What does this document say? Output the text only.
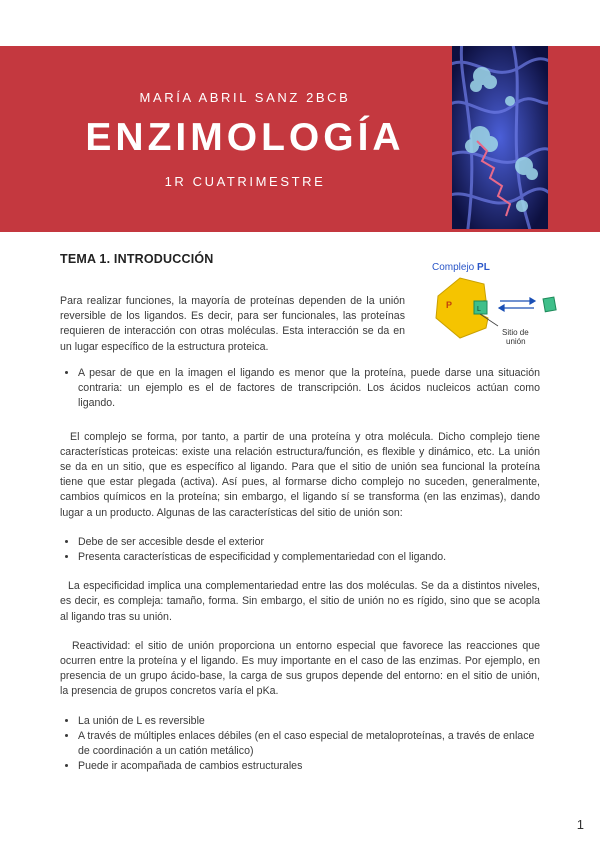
MARÍA ABRIL SANZ 2BCB
ENZIMOLOGÍA
1R CUATRIMESTRE
TEMA 1. INTRODUCCIÓN
Complejo PL
P	L
Sitio de
unión
Para realizar funciones, la mayoría de proteínas dependen de la unión reversible de los ligandos. Es decir, para ser funcionales, las proteínas requieren de interacción con otras moléculas. Esta interacción se da en un lugar específico de la estructura proteica.
• A pesar de que en la imagen el ligando es menor que la proteína, puede darse una situación contraria: un ejemplo es el de factores de transcripción. Los ácidos nucleicos actúan como ligando.

El complejo se forma, por tanto, a partir de una proteína y otra molécula. Dicho complejo tiene características proteicas: existe una relación estructura/función, es flexible y dinámico, etc. La unión se da en un sitio, que es específico al ligando. Para que el sitio de unión sea funcional la proteína tiene que estar plegada (activa). Así pues, al formarse dicho complejo no suceden, generalmente, cambios químicos en la proteína; sin embargo, el ligando sí se transforma (en las enzimas), dando lugar a un producto. Algunas de las características del sitio de unión son:

• Debe de ser accesible desde el exterior
• Presenta características de especificidad y complementariedad con el ligando.

La especificidad implica una complementariedad entre las dos moléculas. Se da a distintos niveles, es decir, es compleja: tamaño, forma. Sin embargo, el sitio de unión no es rígido, sino que se acopla al ligando tras su unión.

Reactividad: el sitio de unión proporciona un entorno especial que favorece las reacciones que ocurren entre la proteína y el ligando. Es muy importante en el caso de las enzimas. Por ejemplo, en presencia de un grupo ácido-base, la carga de sus grupos depende del entorno: en el sitio de unión, la presencia de grupos concretos varía el pKa.

• La unión de L es reversible
• A través de múltiples enlaces débiles (en el caso especial de metaloproteínas, a través de enlace de coordinación a un catión metálico)
• Puede ir acompañada de cambios estructurales
1
